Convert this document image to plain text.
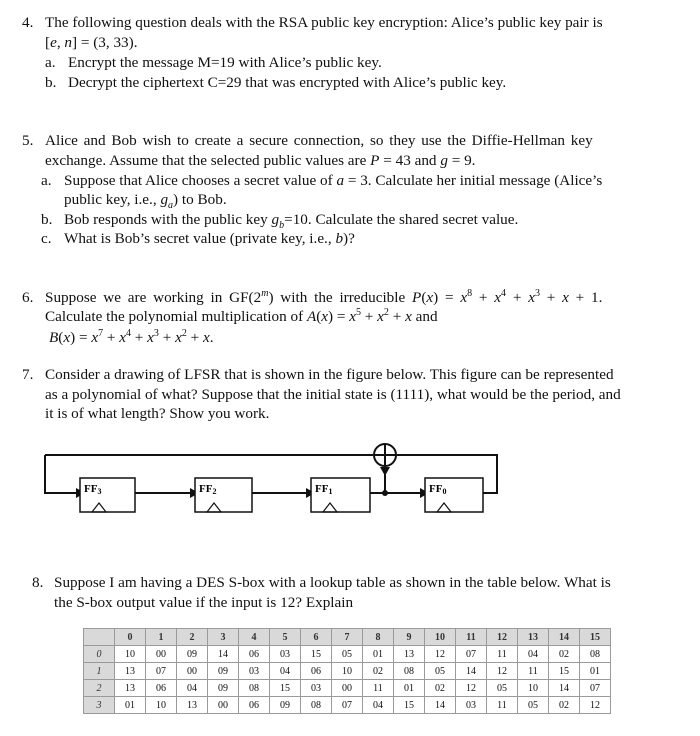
4. The following question deals with the RSA public key encryption: Alice’s public key pair is
[e, n] = (3, 33).
a. Encrypt the message M=19 with Alice’s public key.
b. Decrypt the ciphertext C=29 that was encrypted with Alice’s public key.
5. Alice and Bob wish to create a secure connection, so they use the Diffie-Hellman key
exchange. Assume that the selected public values are P = 43 and g = 9.
a. Suppose that Alice chooses a secret value of a = 3. Calculate her initial message (Alice’s
public key, i.e., $g_a$) to Bob.
b. Bob responds with the public key $g_b=10$. Calculate the shared secret value.
c. What is Bob’s secret value (private key, i.e., b)?
6. Suppose we are working in GF(2$^m$) with the irreducible $P(x) = x^8 + x^4 + x^3 + x + 1$.
Calculate the polynomial multiplication of $A(x) = x^5 + x^2 + x$ and
$B(x) = x^7 + x^4 + x^3 + x^2 + x$.
7. Consider a drawing of LFSR that is shown in the figure below. This figure can be represented
as a polynomial of what? Suppose that the initial state is (1111), what would be the period, and
it is of what length? Show you work.
FF3	FF2	FF1	FF0
8. Suppose I am having a DES S-box with a lookup table as shown in the table below. What is
the S-box output value if the input is 12? Explain
	0	1	2	3	4	5	6	7	8	9	10	11	12	13	14	15
0	10	00	09	14	06	03	15	05	01	13	12	07	11	04	02	08
1	13	07	00	09	03	04	06	10	02	08	05	14	12	11	15	01
2	13	06	04	09	08	15	03	00	11	01	02	12	05	10	14	07
3	01	10	13	00	06	09	08	07	04	15	14	03	11	05	02	12
